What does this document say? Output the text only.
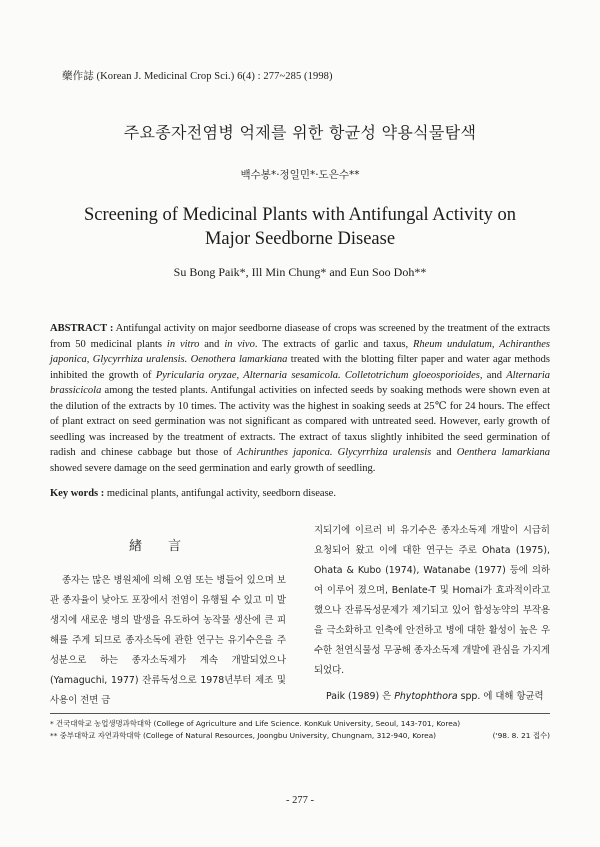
藥作誌 (Korean J. Medicinal Crop Sci.) 6(4) : 277~285 (1998)
주요종자전염병 억제를 위한 항균성 약용식물탐색
백수봉*·정일민*·도은수**
Screening of Medicinal Plants with Antifungal Activity on
Major Seedborne Disease
Su Bong Paik*, Ill Min Chung* and Eun Soo Doh**
ABSTRACT : Antifungal activity on major seedborne diasease of crops was screened by the treatment of the extracts from 50 medicinal plants in vitro and in vivo. The extracts of garlic and taxus, Rheum undulatum, Achiranthes japonica, Glycyrrhiza uralensis. Oenothera lamarkiana treated with the blotting filter paper and water agar methods inhibited the growth of Pyricularia oryzae, Alternaria sesamicola. Colletotrichum gloeosporioides, and Alternaria brassicicola among the tested plants. Antifungal activities on infected seeds by soaking methods were shown even at the dilution of the extracts by 10 times. The activity was the highest in soaking seeds at 25℃ for 24 hours. The effect of plant extract on seed germination was not significant as compared with untreated seed. However, early growth of seedling was increased by the treatment of extracts. The extract of taxus slightly inhibited the seed germination of radish and chinese cabbage but those of Achirunthes japonica. Glycyrrhiza uralensis and Oenthera lamarkiana showed severe damage on the seed germination and early growth of seedling.
Key words : medicinal plants, antifungal activity, seedborn disease.
緖言

종자는 많은 병원체에 의해 오염 또는 병들어 있으며 보관 종자율이 낮아도 포장에서 전염이 유행될 수 있고 미 발생지에 새로운 병의 발생을 유도하여 농작물 생산에 큰 피해를 주게 되므로 종자소독에 관한 연구는 유기수은을 주성분으로 하는 종자소독제가 계속 개발되었으나 (Yamaguchi, 1977) 잔류독성으로 1978년부터 제조 및 사용이 전면 금

지되기에 이르러 비 유기수은 종자소독제 개발이 시급히 요청되어 왔고 이에 대한 연구는 주로 Ohata (1975), Ohata & Kubo (1974), Watanabe (1977) 등에 의하여 이루어 졌으며, Benlate-T 및 Homai가 효과적이라고 했으나 잔류독성문제가 제기되고 있어 합성농약의 부작용을 극소화하고 인축에 안전하고 병에 대한 활성이 높은 우수한 천연식물성 무공해 종자소독제 개발에 관심을 가지게 되었다.

Paik (1989) 은 Phytophthora spp. 에 대해 항균력

* 건국대학교 농업생명과학대학 (College of Agriculture and Life Science. KonKuk University, Seoul, 143-701, Korea)
** 중부대학교 자연과학대학 (College of Natural Resources, Joongbu University, Chungnam, 312-940, Korea)	('98. 8. 21 접수)
- 277 -
